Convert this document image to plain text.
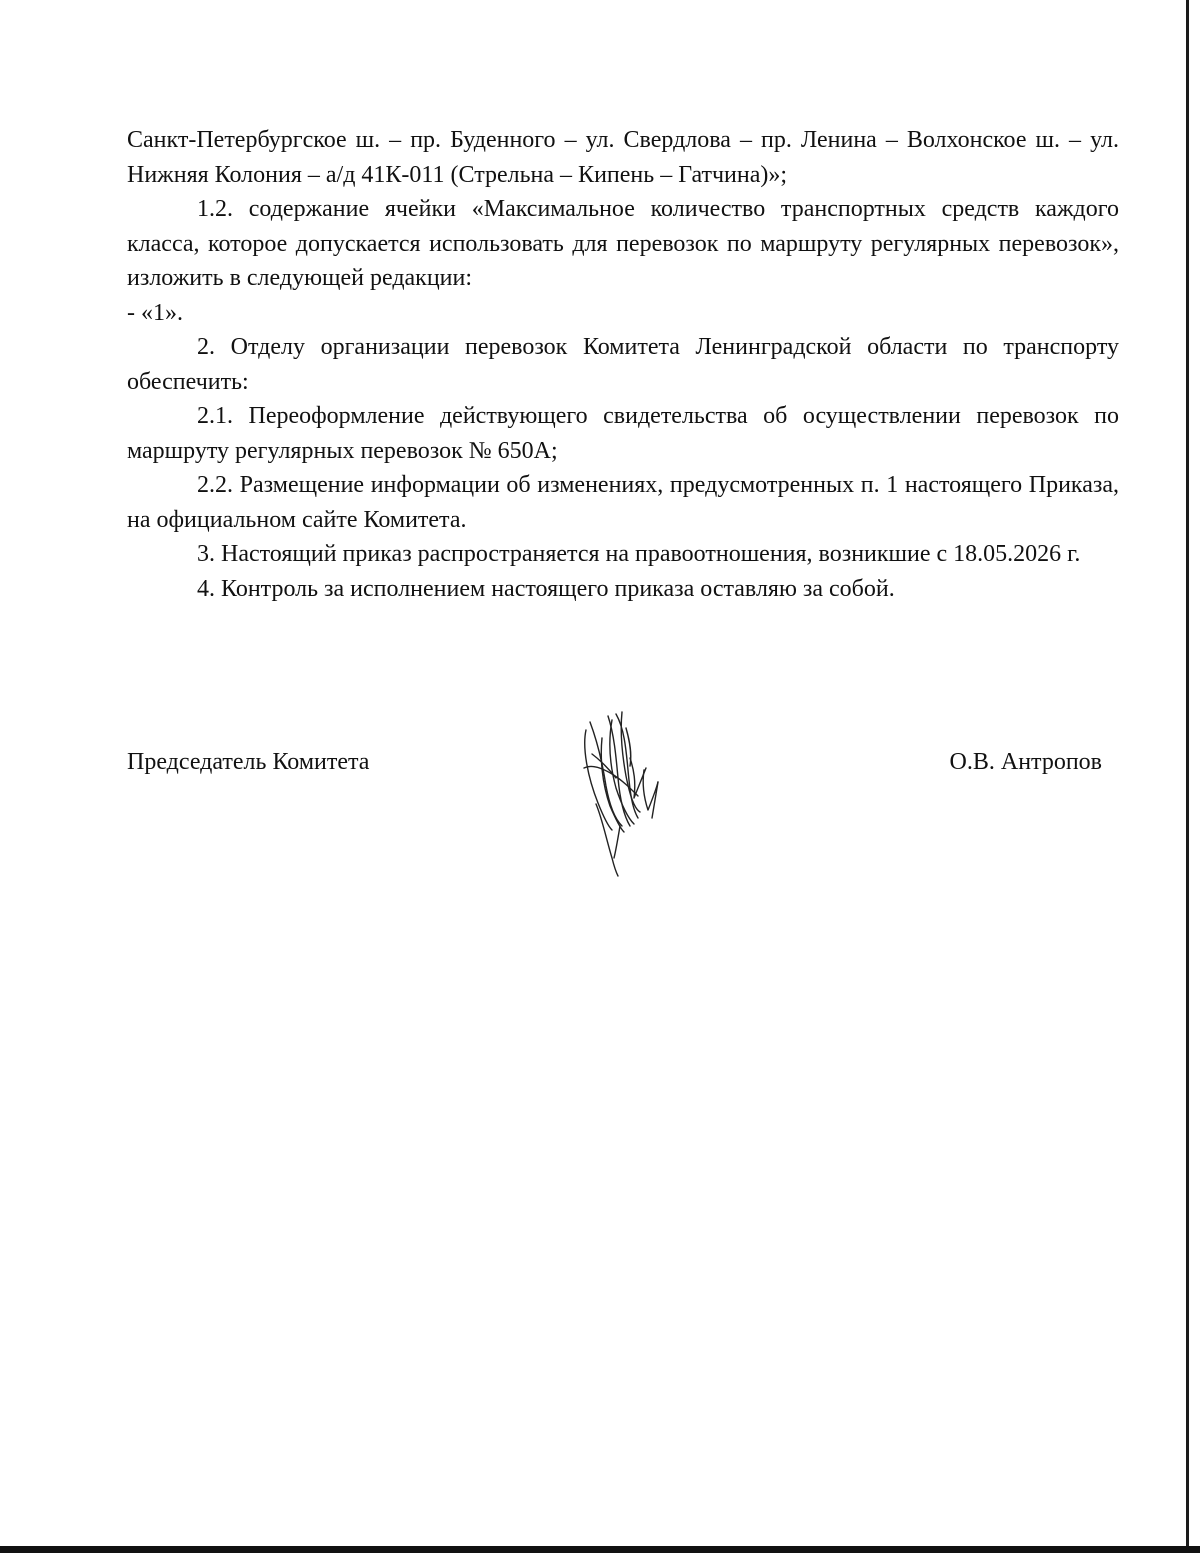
Санкт-Петербургское ш. – пр. Буденного – ул. Свердлова – пр. Ленина – Волхонское ш. – ул. Нижняя Колония – а/д 41К-011 (Стрельна – Кипень – Гатчина)»;

1.2. содержание ячейки «Максимальное количество транспортных средств каждого класса, которое допускается использовать для перевозок по маршруту регулярных перевозок», изложить в следующей редакции:

- «1».

2. Отделу организации перевозок Комитета Ленинградской области по транспорту обеспечить:

2.1. Переоформление действующего свидетельства об осуществлении перевозок по маршруту регулярных перевозок № 650А;

2.2. Размещение информации об изменениях, предусмотренных п. 1 настоящего Приказа, на официальном сайте Комитета.

3. Настоящий приказ распространяется на правоотношения, возникшие с 18.05.2026 г.

4. Контроль за исполнением настоящего приказа оставляю за собой.

Председатель Комитета	О.В. Антропов
